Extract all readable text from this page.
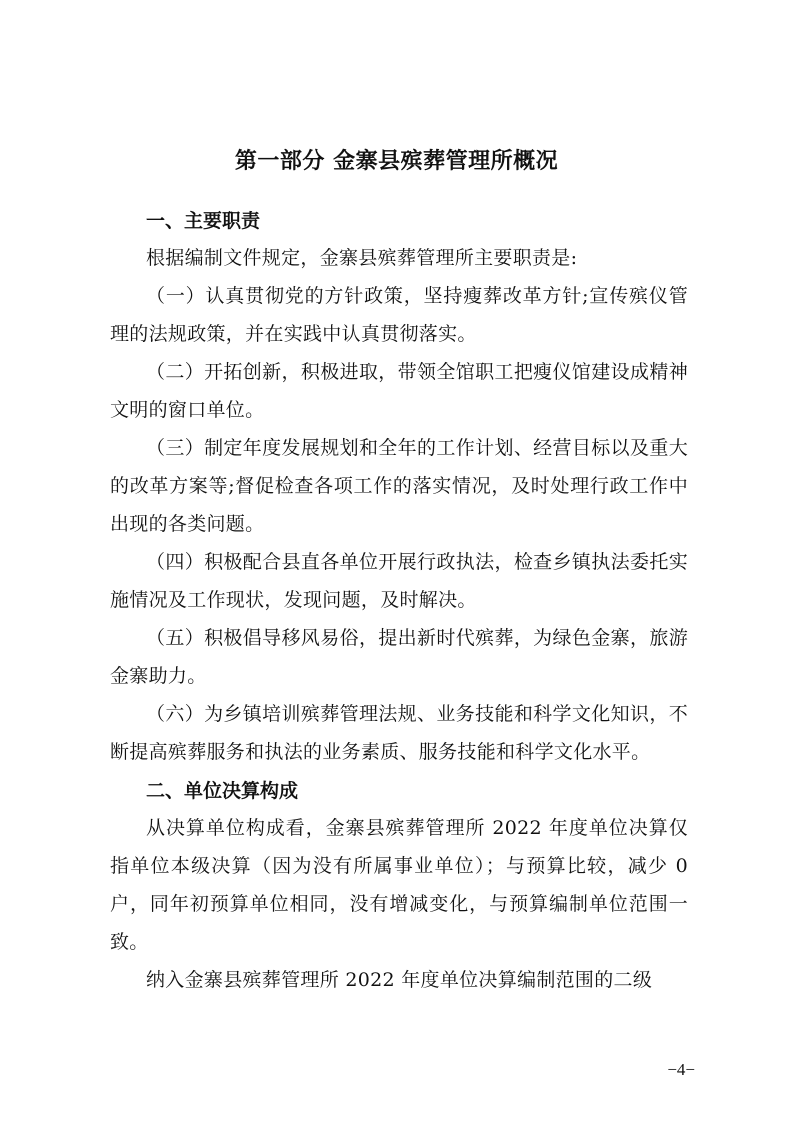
第一部分 金寨县殡葬管理所概况
一、主要职责
根据编制文件规定，金寨县殡葬管理所主要职责是:
（一）认真贯彻党的方针政策，坚持瘦葬改革方针;宣传殡仪管理的法规政策，并在实践中认真贯彻落实。
（二）开拓创新，积极进取，带领全馆职工把瘦仪馆建设成精神文明的窗口单位。
（三）制定年度发展规划和全年的工作计划、经营目标以及重大的改革方案等;督促检查各项工作的落实情况，及时处理行政工作中出现的各类问题。
（四）积极配合县直各单位开展行政执法，检查乡镇执法委托实施情况及工作现状，发现问题，及时解决。
（五）积极倡导移风易俗，提出新时代殡葬，为绿色金寨，旅游金寨助力。
（六）为乡镇培训殡葬管理法规、业务技能和科学文化知识，不断提高殡葬服务和执法的业务素质、服务技能和科学文化水平。
二、单位决算构成
从决算单位构成看，金寨县殡葬管理所 2022 年度单位决算仅指单位本级决算（因为没有所属事业单位）；与预算比较，减少 0 户，同年初预算单位相同，没有增减变化，与预算编制单位范围一致。
纳入金寨县殡葬管理所 2022 年度单位决算编制范围的二级
−4−
